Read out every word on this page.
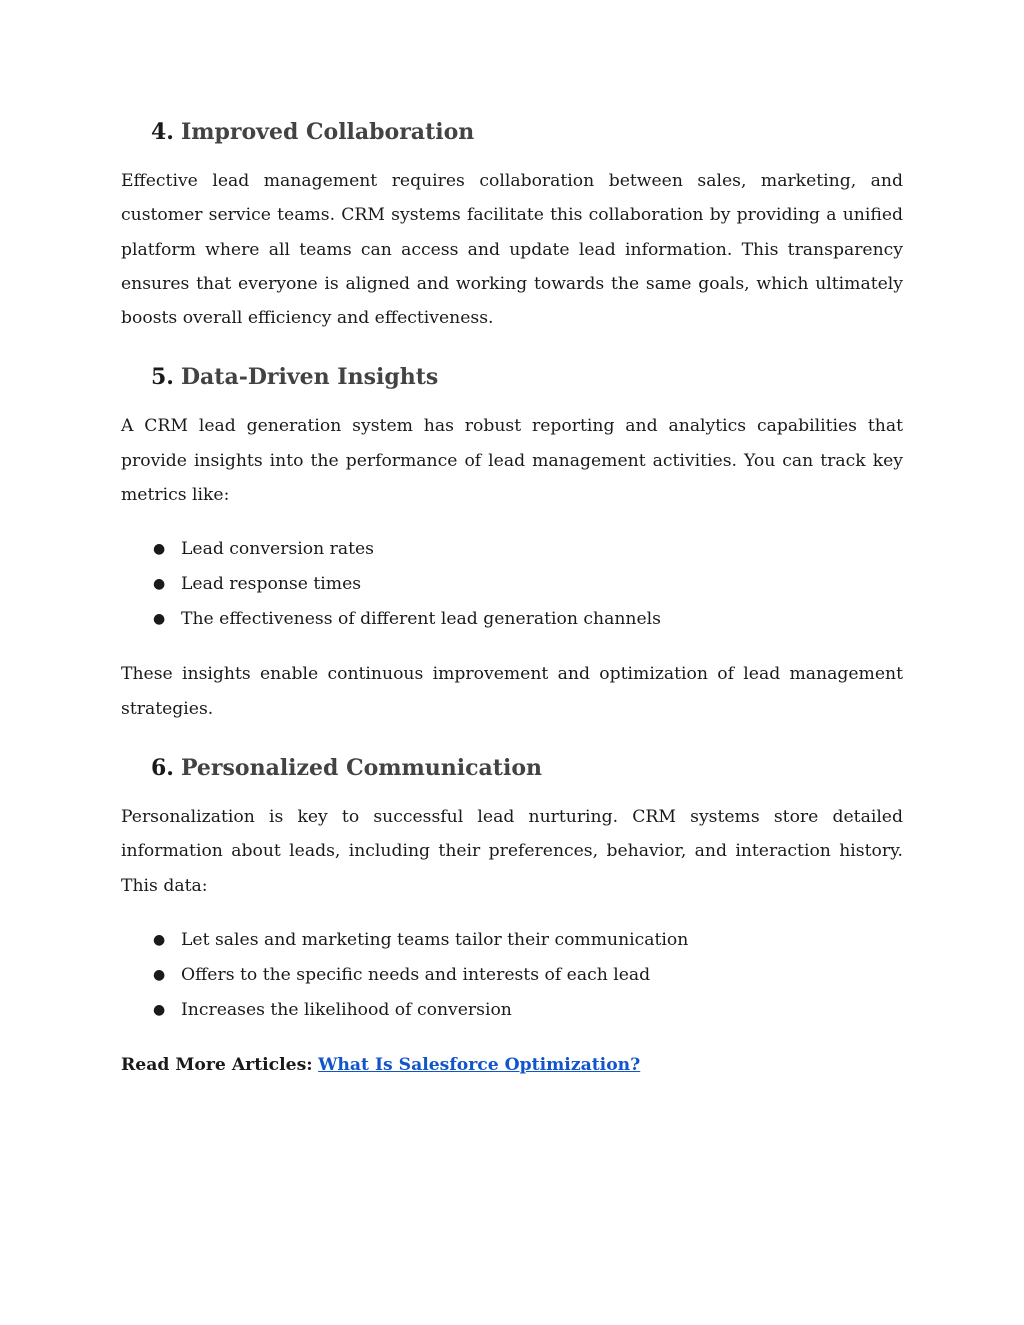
4. Improved Collaboration

Effective lead management requires collaboration between sales, marketing, and customer service teams. CRM systems facilitate this collaboration by providing a unified platform where all teams can access and update lead information. This transparency ensures that everyone is aligned and working towards the same goals, which ultimately boosts overall efficiency and effectiveness.

5. Data-Driven Insights

A CRM lead generation system has robust reporting and analytics capabilities that provide insights into the performance of lead management activities. You can track key metrics like:

● Lead conversion rates
● Lead response times
● The effectiveness of different lead generation channels

These insights enable continuous improvement and optimization of lead management strategies.

6. Personalized Communication

Personalization is key to successful lead nurturing. CRM systems store detailed information about leads, including their preferences, behavior, and interaction history. This data:

● Let sales and marketing teams tailor their communication
● Offers to the specific needs and interests of each lead
● Increases the likelihood of conversion

Read More Articles: What Is Salesforce Optimization?
